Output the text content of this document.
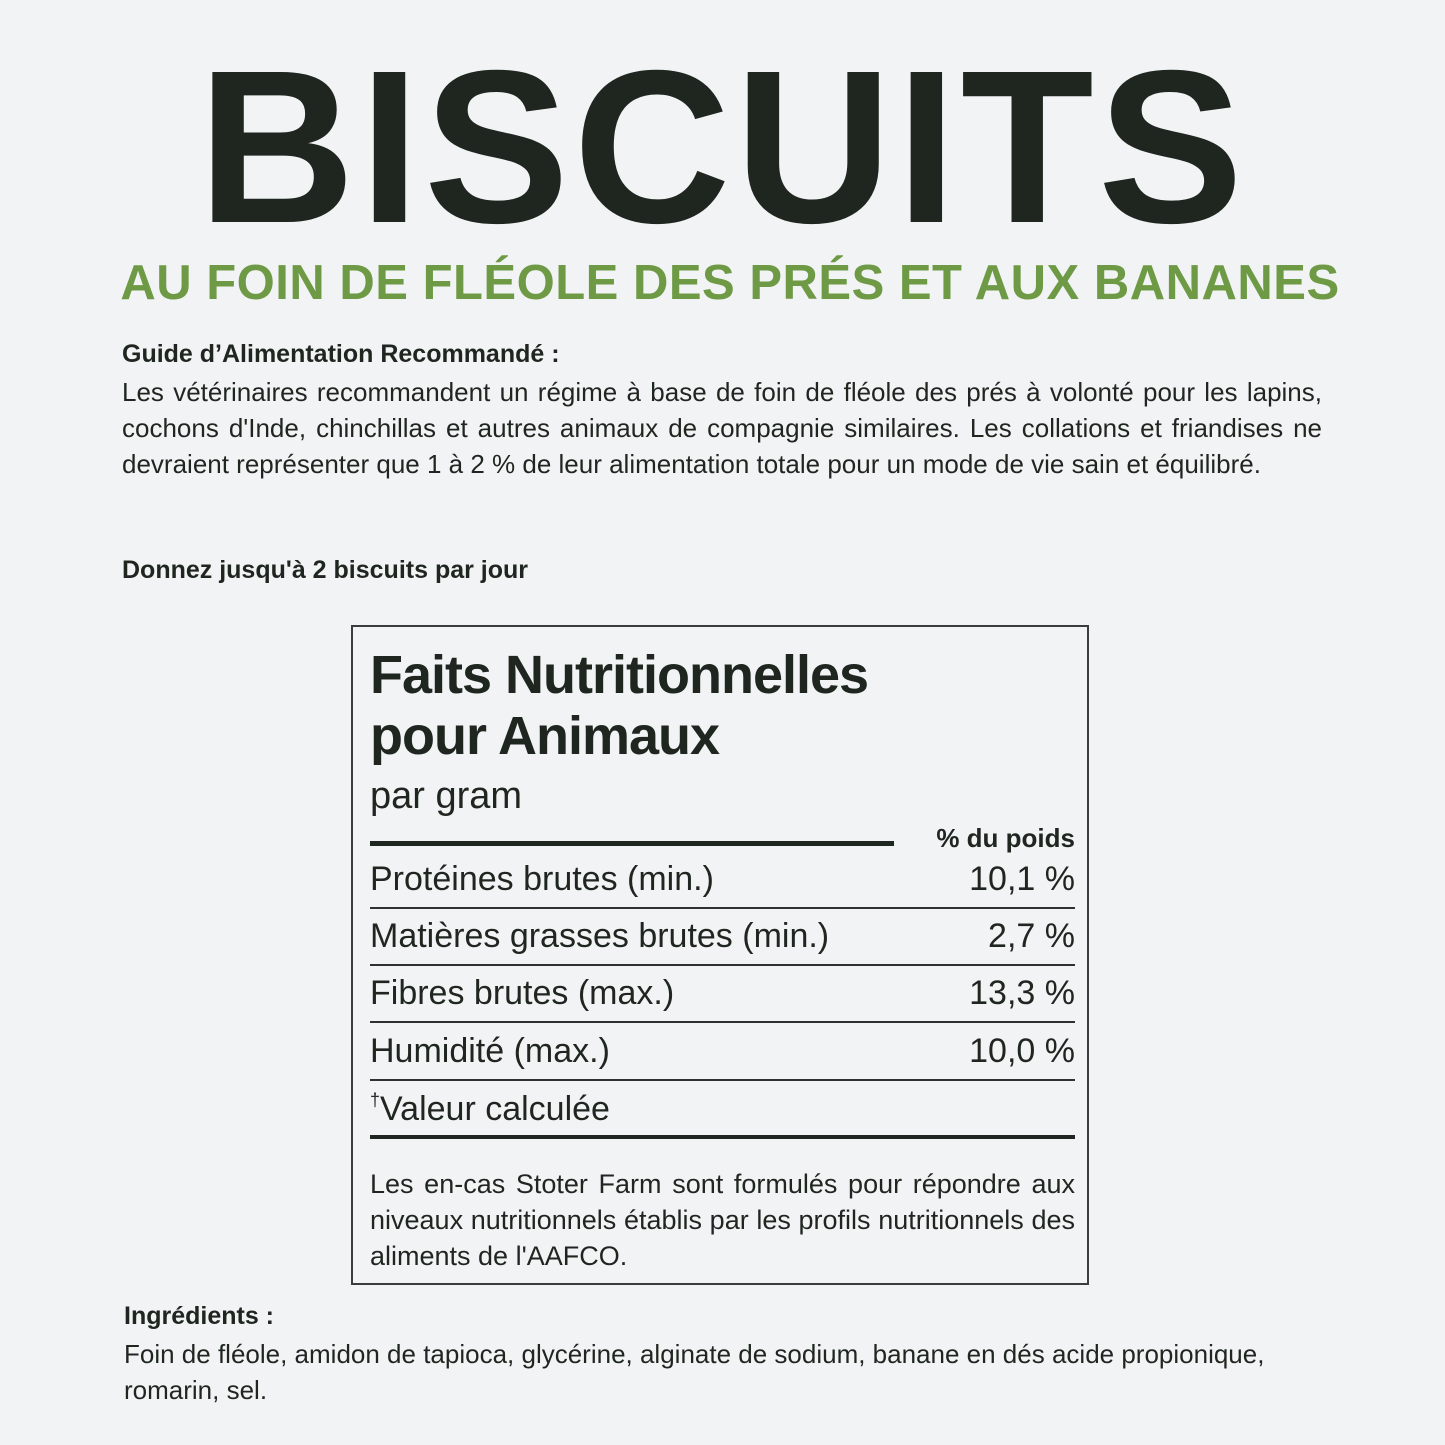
BISCUITS
AU FOIN DE FLÉOLE DES PRÉS ET AUX BANANES
Guide d’Alimentation Recommandé :
Les vétérinaires recommandent un régime à base de foin de fléole des prés à volonté pour les lapins, cochons d'Inde, chinchillas et autres animaux de compagnie similaires. Les collations et friandises ne devraient représenter que 1 à 2 % de leur alimentation totale pour un mode de vie sain et équilibré.
Donnez jusqu'à 2 biscuits par jour
Faits Nutritionnelles
pour Animaux
par gram
% du poids
Protéines brutes (min.)	10,1 %
Matières grasses brutes (min.)	2,7 %
Fibres brutes (max.)	13,3 %
Humidité (max.)	10,0 %
†Valeur calculée
Les en-cas Stoter Farm sont formulés pour répondre aux niveaux nutritionnels établis par les profils nutritionnels des aliments de l'AAFCO.
Ingrédients :
Foin de fléole, amidon de tapioca, glycérine, alginate de sodium, banane en dés acide propionique, romarin, sel.
